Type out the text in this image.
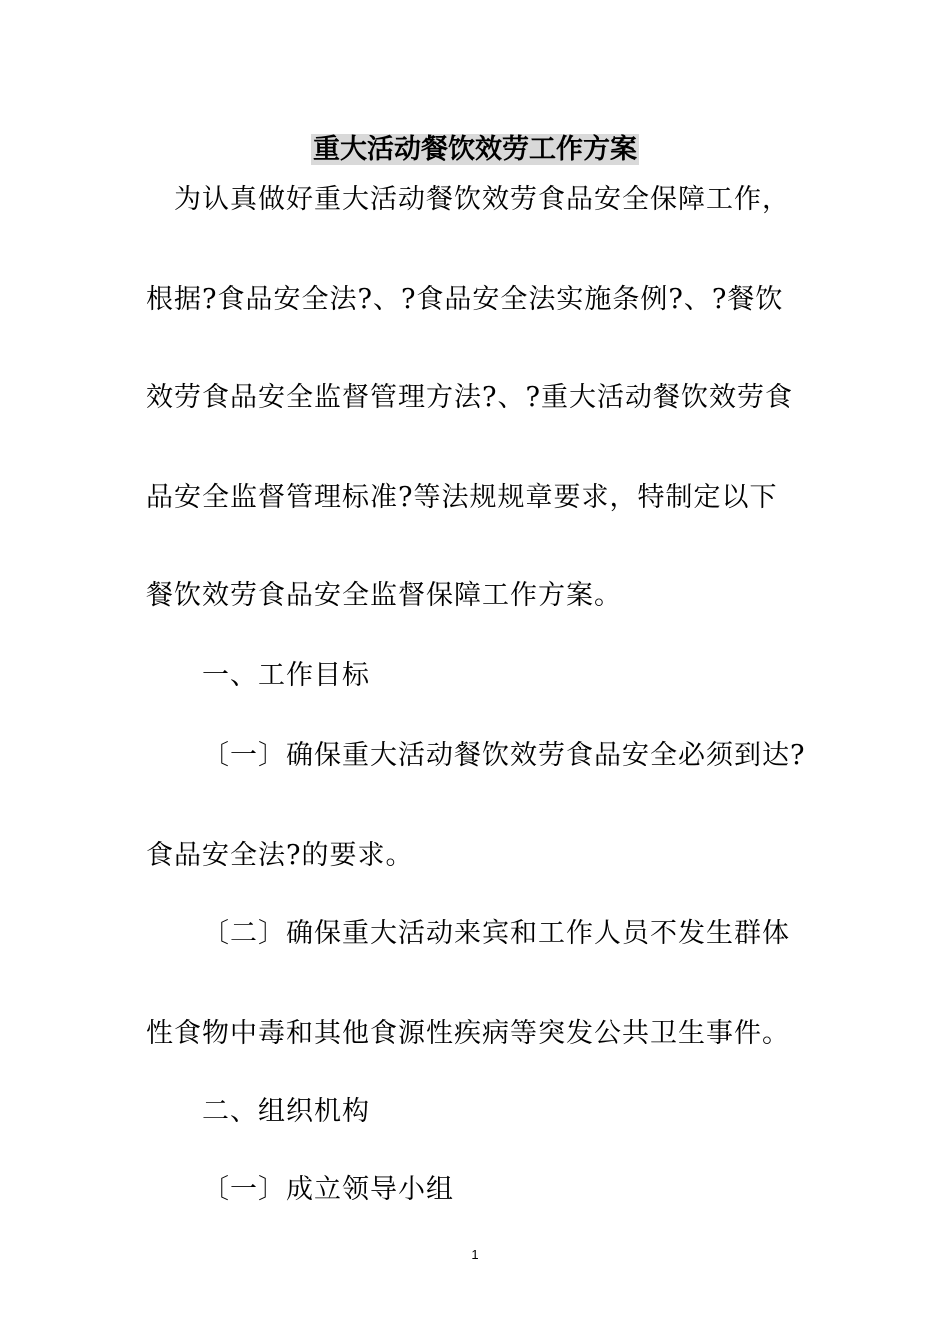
重大活动餐饮效劳工作方案
为认真做好重大活动餐饮效劳食品安全保障工作，
根据?食品安全法?、?食品安全法实施条例?、?餐饮
效劳食品安全监督管理方法?、?重大活动餐饮效劳食
品安全监督管理标准?等法规规章要求，特制定以下
餐饮效劳食品安全监督保障工作方案。
一、工作目标
〔一〕确保重大活动餐饮效劳食品安全必须到达?
食品安全法?的要求。
〔二〕确保重大活动来宾和工作人员不发生群体
性食物中毒和其他食源性疾病等突发公共卫生事件。
二、组织机构
〔一〕成立领导小组
1
